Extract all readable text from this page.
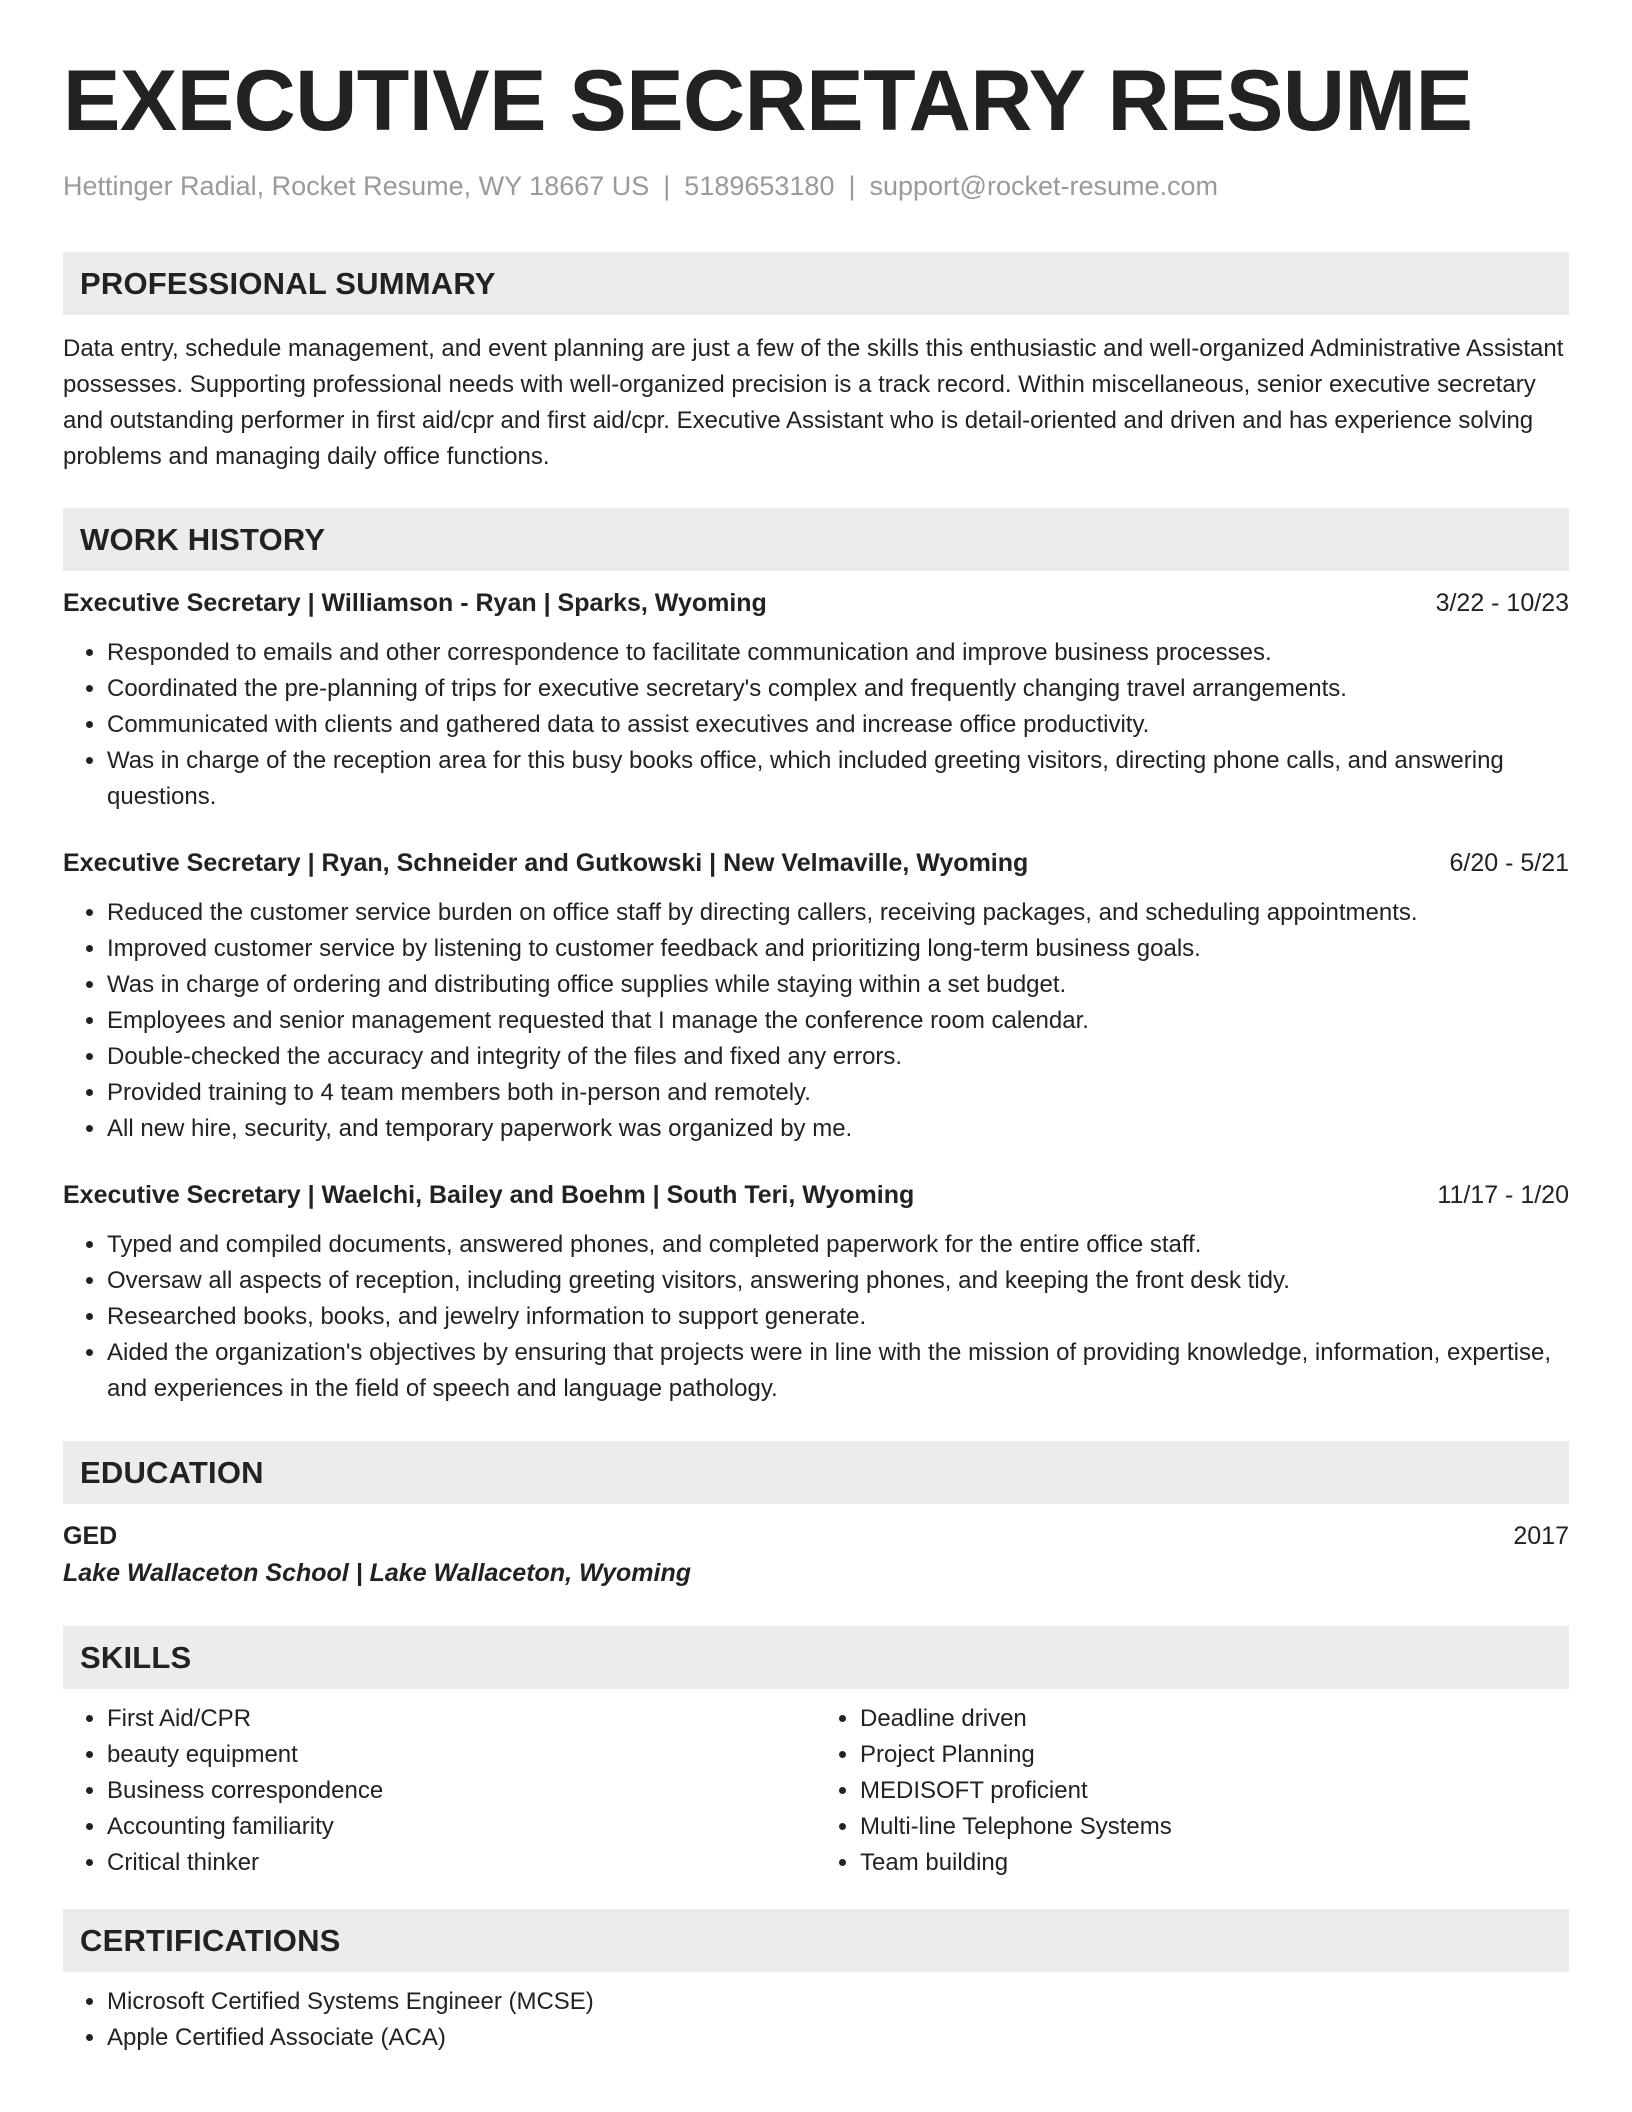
EXECUTIVE SECRETARY RESUME
Hettinger Radial, Rocket Resume, WY 18667 US | 5189653180 | support@rocket-resume.com
PROFESSIONAL SUMMARY

Data entry, schedule management, and event planning are just a few of the skills this enthusiastic and well-organized Administrative Assistant possesses. Supporting professional needs with well-organized precision is a track record. Within miscellaneous, senior executive secretary and outstanding performer in first aid/cpr and first aid/cpr. Executive Assistant who is detail-oriented and driven and has experience solving problems and managing daily office functions.

WORK HISTORY
Executive Secretary | Williamson - Ryan | Sparks, Wyoming	3/22 - 10/23
• Responded to emails and other correspondence to facilitate communication and improve business processes.
• Coordinated the pre-planning of trips for executive secretary's complex and frequently changing travel arrangements.
• Communicated with clients and gathered data to assist executives and increase office productivity.
• Was in charge of the reception area for this busy books office, which included greeting visitors, directing phone calls, and answering questions.
Executive Secretary | Ryan, Schneider and Gutkowski | New Velmaville, Wyoming	6/20 - 5/21
• Reduced the customer service burden on office staff by directing callers, receiving packages, and scheduling appointments.
• Improved customer service by listening to customer feedback and prioritizing long-term business goals.
• Was in charge of ordering and distributing office supplies while staying within a set budget.
• Employees and senior management requested that I manage the conference room calendar.
• Double-checked the accuracy and integrity of the files and fixed any errors.
• Provided training to 4 team members both in-person and remotely.
• All new hire, security, and temporary paperwork was organized by me.
Executive Secretary | Waelchi, Bailey and Boehm | South Teri, Wyoming	11/17 - 1/20
• Typed and compiled documents, answered phones, and completed paperwork for the entire office staff.
• Oversaw all aspects of reception, including greeting visitors, answering phones, and keeping the front desk tidy.
• Researched books, books, and jewelry information to support generate.
• Aided the organization's objectives by ensuring that projects were in line with the mission of providing knowledge, information, expertise, and experiences in the field of speech and language pathology.
EDUCATION
GED	2017
Lake Wallaceton School | Lake Wallaceton, Wyoming
SKILLS
• First Aid/CPR
• beauty equipment
• Business correspondence
• Accounting familiarity
• Critical thinker
• Deadline driven
• Project Planning
• MEDISOFT proficient
• Multi-line Telephone Systems
• Team building
CERTIFICATIONS
• Microsoft Certified Systems Engineer (MCSE)
• Apple Certified Associate (ACA)
